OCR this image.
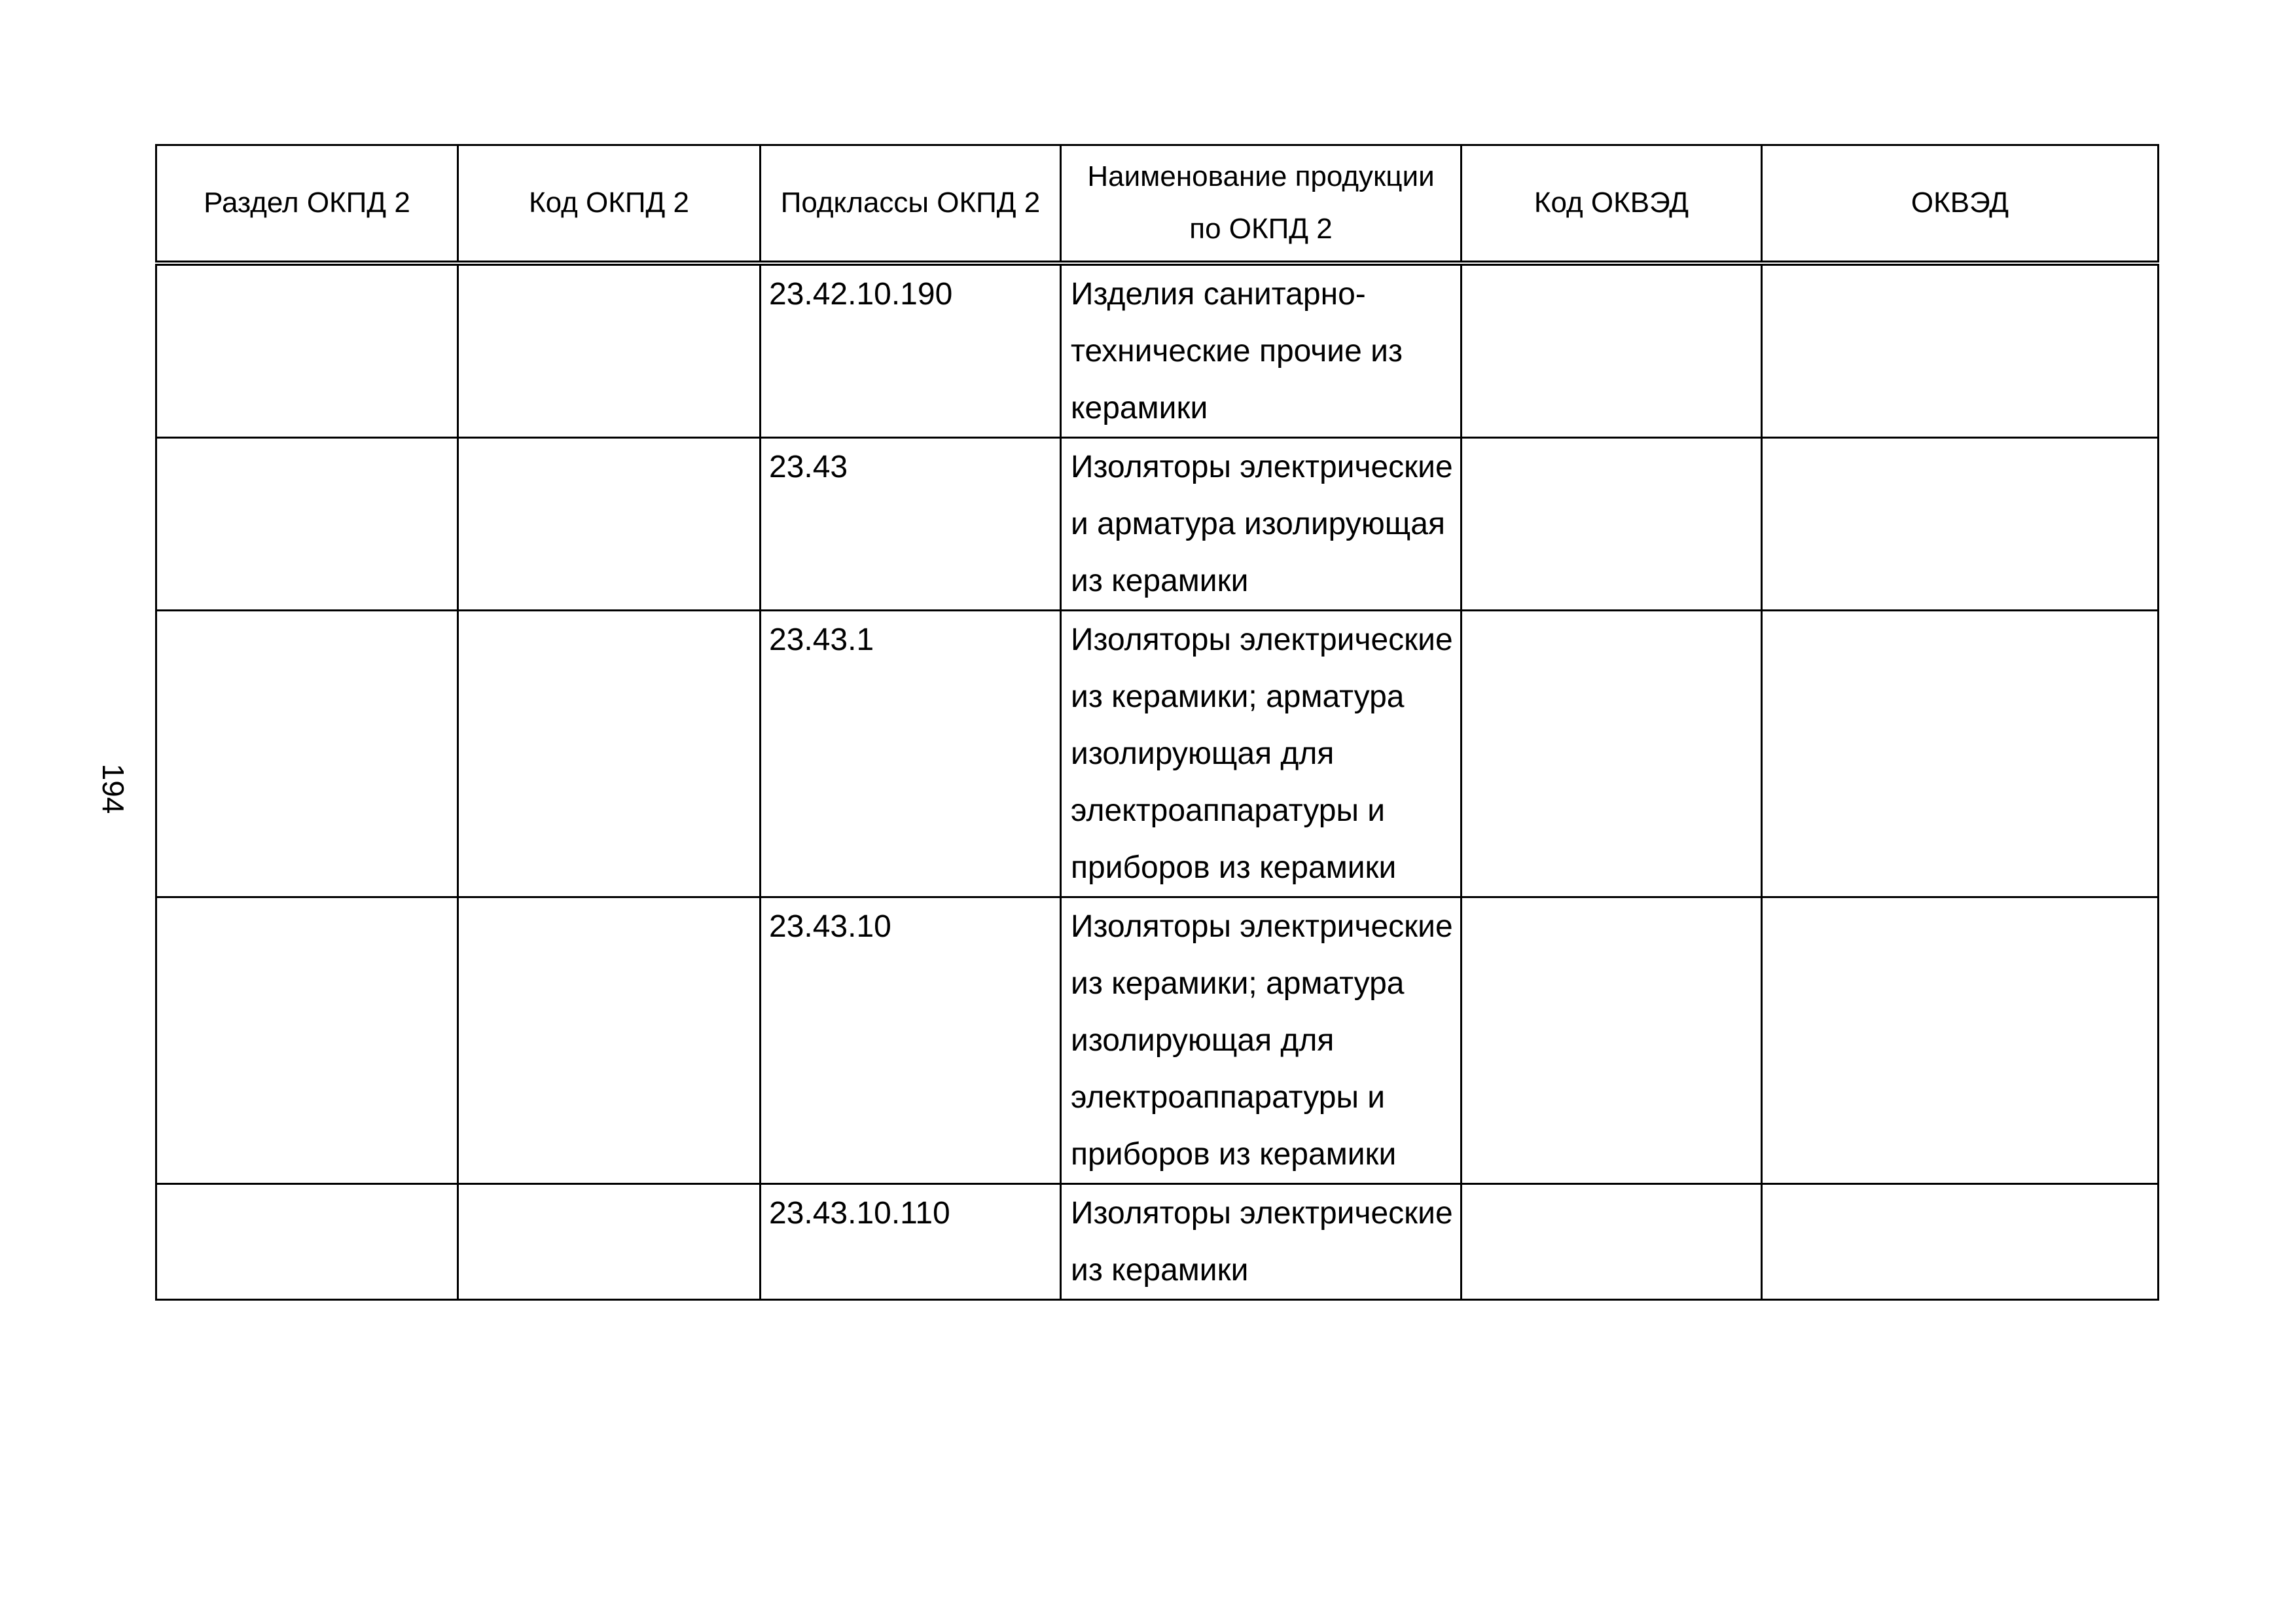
194
Раздел ОКПД 2	Код ОКПД 2	Подклассы ОКПД 2	Наименование продукции по ОКПД 2	Код ОКВЭД	ОКВЭД
		23.42.10.190	Изделия санитарно-технические прочие из керамики		
		23.43	Изоляторы электрические и арматура изолирующая из керамики		
		23.43.1	Изоляторы электрические из керамики; арматура изолирующая для электроаппаратуры и приборов из керамики		
		23.43.10	Изоляторы электрические из керамики; арматура изолирующая для электроаппаратуры и приборов из керамики		
		23.43.10.110	Изоляторы электрические из керамики		
